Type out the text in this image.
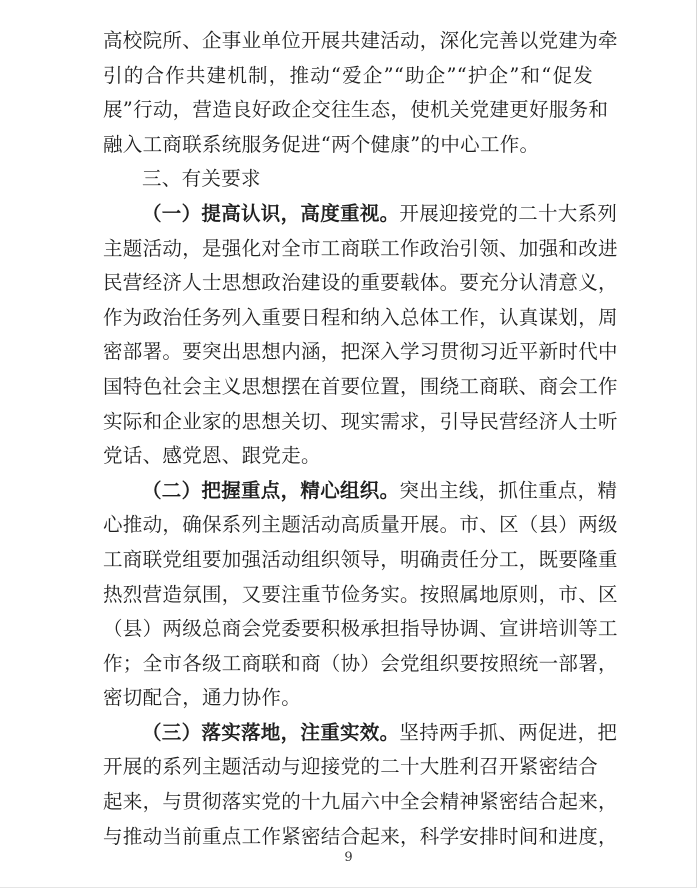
高校院所、企事业单位开展共建活动，深化完善以党建为牵
引的合作共建机制，推动“爱企”“助企”“护企”和“促发
展”行动，营造良好政企交往生态，使机关党建更好服务和
融入工商联系统服务促进“两个健康”的中心工作。
三、有关要求
（一）提高认识，高度重视。开展迎接党的二十大系列
主题活动，是强化对全市工商联工作政治引领、加强和改进
民营经济人士思想政治建设的重要载体。要充分认清意义，
作为政治任务列入重要日程和纳入总体工作，认真谋划，周
密部署。要突出思想内涵，把深入学习贯彻习近平新时代中
国特色社会主义思想摆在首要位置，围绕工商联、商会工作
实际和企业家的思想关切、现实需求，引导民营经济人士听
党话、感党恩、跟党走。
（二）把握重点，精心组织。突出主线，抓住重点，精
心推动，确保系列主题活动高质量开展。市、区（县）两级
工商联党组要加强活动组织领导，明确责任分工，既要隆重
热烈营造氛围，又要注重节俭务实。按照属地原则，市、区
（县）两级总商会党委要积极承担指导协调、宣讲培训等工
作；全市各级工商联和商（协）会党组织要按照统一部署，
密切配合，通力协作。
（三）落实落地，注重实效。坚持两手抓、两促进，把
开展的系列主题活动与迎接党的二十大胜利召开紧密结合
起来，与贯彻落实党的十九届六中全会精神紧密结合起来，
与推动当前重点工作紧密结合起来，科学安排时间和进度，
9
